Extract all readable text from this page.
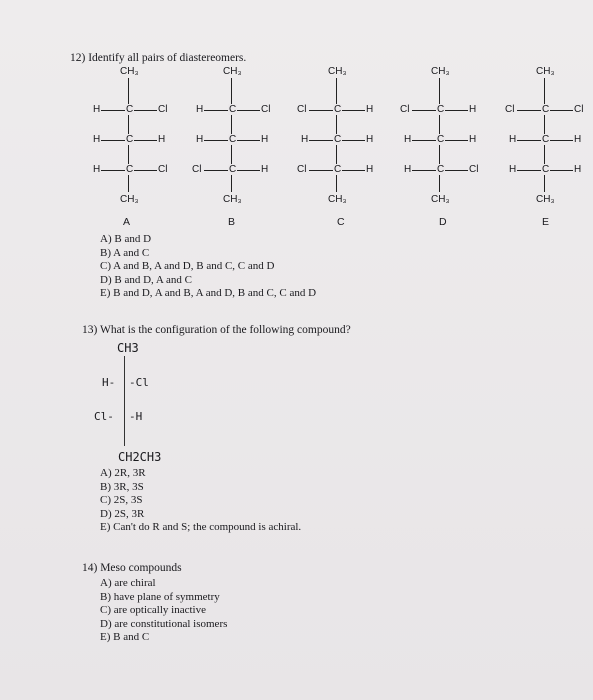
12) Identify all pairs of diastereomers.
CH₃
CH₃
C
H	Cl
C
H	H
C
H	Cl
A
CH₃
CH₃
C
H	Cl
C
H	H
C
Cl	H
B
CH₃
CH₃
C
Cl	H
C
H	H
C
Cl	H
C
CH₃
CH₃
C
Cl	H
C
H	H
C
H	Cl
D
CH₃
CH₃
C
Cl	Cl
C
H	H
C
H	H
E
A) B and D
B) A and C
C) A and B, A and D, B and C, C and D
D) B and D, A and C
E) B and D, A and B, A and D, B and C, C and D
13) What is the configuration of the following compound?
CH3
H- -Cl
Cl- -H
CH2CH3
A) 2R, 3R
B) 3R, 3S
C) 2S, 3S
D) 2S, 3R
E) Can't do R and S; the compound is achiral.
14) Meso compounds
A) are chiral
B) have plane of symmetry
C) are optically inactive
D) are constitutional isomers
E) B and C
